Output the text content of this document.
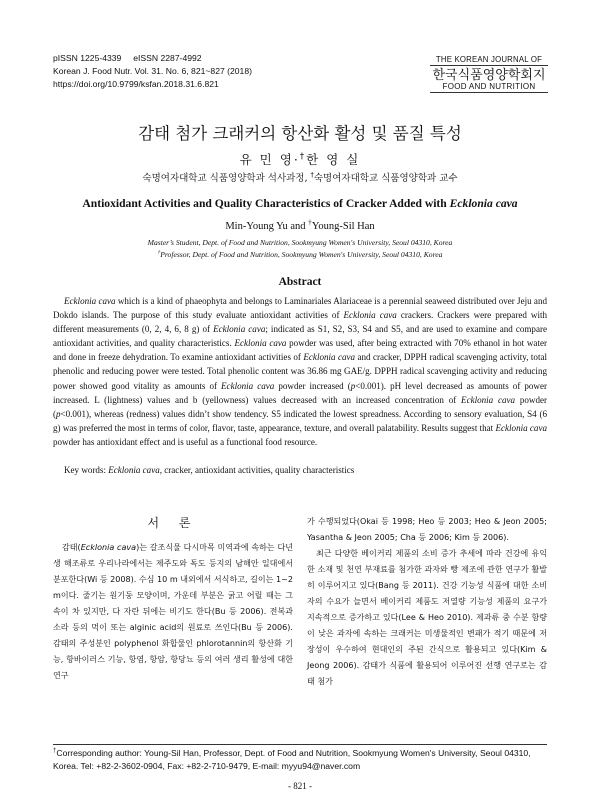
pISSN 1225-4339     eISSN 2287-4992
Korean J. Food Nutr. Vol. 31. No. 6, 821~827 (2018)
https://doi.org/10.9799/ksfan.2018.31.6.821
THE KOREAN JOURNAL OF
한국식품영양학회지
FOOD AND NUTRITION
감태 첨가 크래커의 항산화 활성 및 품질 특성
유 민 영·†한 영 실
숙명여자대학교 식품영양학과 석사과정, †숙명여자대학교 식품영양학과 교수
Antioxidant Activities and Quality Characteristics of Cracker Added with Ecklonia cava
Min-Young Yu and †Young-Sil Han
Master’s Student, Dept. of Food and Nutrition, Sookmyung Women's University, Seoul 04310, Korea
†Professor, Dept. of Food and Nutrition, Sookmyung Women's University, Seoul 04310, Korea
Abstract
Ecklonia cava which is a kind of phaeophyta and belongs to Laminariales Alariaceae is a perennial seaweed distributed over Jeju and Dokdo islands. The purpose of this study evaluate antioxidant activities of Ecklonia cava crackers. Crackers were prepared with different measurements (0, 2, 4, 6, 8 g) of Ecklonia cava; indicated as S1, S2, S3, S4 and S5, and are used to examine and compare antioxidant activities, and quality characteristics. Ecklonia cava powder was used, after being extracted with 70% ethanol in hot water and done in freeze dehydration. To examine antioxidant activities of Ecklonia cava and cracker, DPPH radical scavenging activity, total phenolic and reducing power were tested. Total phenolic content was 36.86 mg GAE/g. DPPH radical scavenging activity and reducing power showed good vitality as amounts of Ecklonia cava powder increased (p<0.001). pH level decreased as amounts of power increased. L (lightness) values and b (yellowness) values decreased with an increased concentration of Ecklonia cava powder (p<0.001), whereas (redness) values didn’t show tendency. S5 indicated the lowest spreadness. According to sensory evaluation, S4 (6 g) was preferred the most in terms of color, flavor, taste, appearance, texture, and overall palatability. Results suggest that Ecklonia cava powder has antioxidant effect and is useful as a functional food resource.
Key words: Ecklonia cava, cracker, antioxidant activities, quality characteristics
서 론

감태(Ecklonia cava)는 갈조식물 다시마목 미역과에 속하는 다년생 해조류로 우리나라에서는 제주도와 독도 등지의 남해안 일대에서 분포한다(Wi 등 2008). 수심 10 m 내외에서 서식하고, 길이는 1~2 m이다. 줄기는 원기둥 모양이며, 가운데 부분은 굵고 어릴 때는 그 속이 차 있지만, 다 자란 뒤에는 비기도 한다(Bu 등 2006). 전복과 소라 등의 먹이 또는 alginic acid의 원료로 쓰인다(Bu 등 2006). 감태의 주성분인 polyphenol 화합물인 phlorotannin의 항산화 기능, 항바이러스 기능, 항염, 항암, 항당뇨 등의 여러 생리 활성에 대한 연구

가 수행되었다(Okai 등 1998; Heo 등 2003; Heo & Jeon 2005; Yasantha & Jeon 2005; Cha 등 2006; Kim 등 2006).

최근 다양한 베이커리 제품의 소비 증가 추세에 따라 건강에 유익한 소재 및 천연 부재료를 첨가한 과자와 빵 제조에 관한 연구가 활발히 이루어지고 있다(Bang 등 2011). 건강 기능성 식품에 대한 소비자의 수요가 늘면서 베이커리 제품도 저열량 기능성 제품의 요구가 지속적으로 증가하고 있다(Lee & Heo 2010). 제과류 중 수분 함량이 낮은 과자에 속하는 크래커는 미생물적인 변패가 적기 때문에 저장성이 우수하여 현대인의 주된 간식으로 활용되고 있다(Kim & Jeong 2006). 감태가 식품에 활용되어 이루어진 선행 연구로는 감태 첨가

†Corresponding author: Young-Sil Han, Professor, Dept. of Food and Nutrition, Sookmyung Women's University, Seoul 04310, Korea. Tel: +82-2-3602-0904, Fax: +82-2-710-9479, E-mail: myyu94@naver.com
- 821 -
